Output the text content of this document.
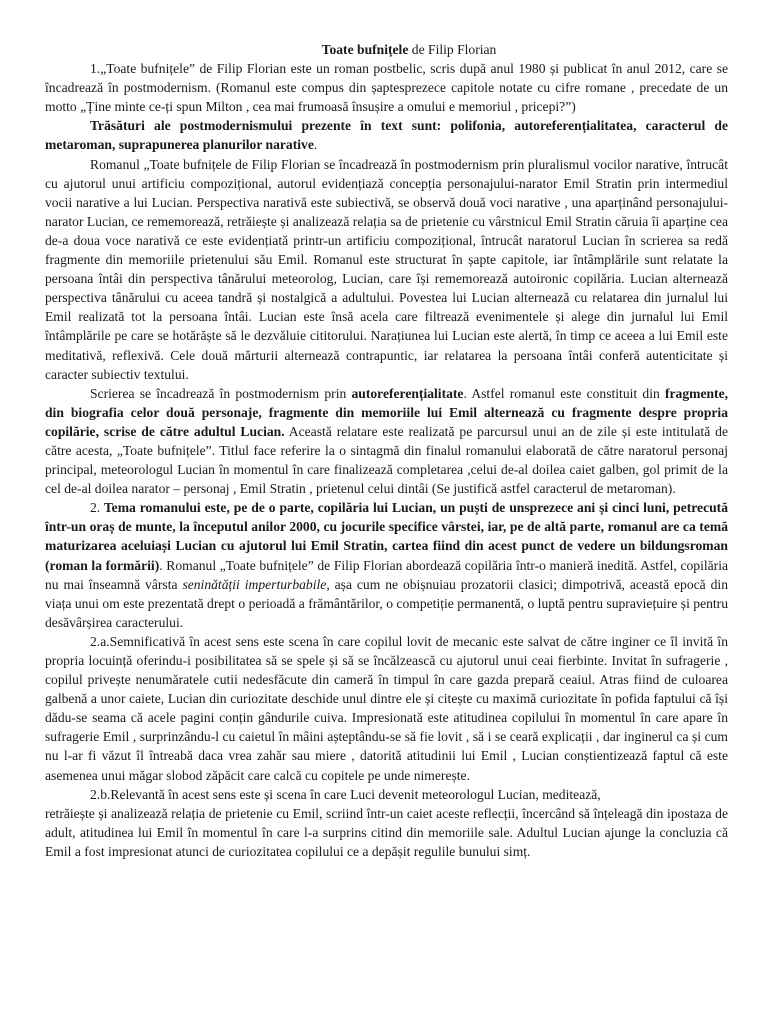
Toate bufnițele de Filip Florian

1.„Toate bufnițele” de Filip Florian este un roman postbelic, scris după anul 1980 și publicat în anul 2012, care se încadrează în postmodernism. (Romanul este compus din șaptesprezece capitole notate cu cifre romane , precedate de un motto „Ține minte ce-ți spun Milton , cea mai frumoasă însușire a omului e memoriul , pricepi?”)

Trăsături ale postmodernismului prezente în text sunt: polifonia, autoreferențialitatea, caracterul de metaroman, suprapunerea planurilor narative.

Romanul „Toate bufnițele de Filip Florian se încadrează în postmodernism prin pluralismul vocilor narative, întrucât cu ajutorul unui artificiu compozițional, autorul evidențiază concepția personajului-narator Emil Stratin prin intermediul vocii narative a lui Lucian. Perspectiva narativă este subiectivă, se observă două voci narative , una aparținând personajului-narator Lucian, ce rememorează, retrăiește și analizează relația sa de prietenie cu vârstnicul Emil Stratin căruia îi aparține cea de-a doua voce narativă ce este evidențiată printr-un artificiu compozițional, întrucât naratorul Lucian în scrierea sa redă fragmente din memoriile prietenului său Emil. Romanul este structurat în șapte capitole, iar întâmplările sunt relatate la persoana întâi din perspectiva tânărului meteorolog, Lucian, care își rememorează autoironic copilăria. Lucian alternează perspectiva tânărului cu aceea tandră și nostalgică a adultului. Povestea lui Lucian alternează cu relatarea din jurnalul lui Emil realizată tot la persoana întâi. Lucian este însă acela care filtrează evenimentele și alege din jurnalul lui Emil întâmplările pe care se hotărăște să le dezvăluie cititorului. Narațiunea lui Lucian este alertă, în timp ce aceea a lui Emil este meditativă, reflexivă. Cele două mărturii alternează contrapuntic, iar relatarea la persoana întâi conferă autenticitate și caracter subiectiv textului.

Scrierea se încadrează în postmodernism prin autoreferențialitate. Astfel romanul este constituit din fragmente, din biografia celor două personaje, fragmente din memoriile lui Emil alternează cu fragmente despre propria copilărie, scrise de către adultul Lucian. Această relatare este realizată pe parcursul unui an de zile și este intitulată de către acesta, „Toate bufnițele”. Titlul face referire la o sintagmă din finalul romanului elaborată de către naratorul personaj principal, meteorologul Lucian în momentul în care finalizează completarea ,celui de-al doilea caiet galben, gol primit de la cel de-al doilea narator – personaj , Emil Stratin , prietenul celui dintâi (Se justifică astfel caracterul de metaroman).

2. Tema romanului este, pe de o parte, copilăria lui Lucian, un puști de unsprezece ani și cinci luni, petrecută într-un oraș de munte, la începutul anilor 2000, cu jocurile specifice vârstei, iar, pe de altă parte, romanul are ca temă maturizarea aceluiași Lucian cu ajutorul lui Emil Stratin, cartea fiind din acest punct de vedere un bildungsroman (roman la formării). Romanul „Toate bufnițele” de Filip Florian abordează copilăria într-o manieră inedită. Astfel, copilăria nu mai înseamnă vârsta seninătății imperturbabile, așa cum ne obișnuiau prozatorii clasici; dimpotrivă, această epocă din viața unui om este prezentată drept o perioadă a frământărilor, o competiție permanentă, o luptă pentru supraviețuire și pentru desăvârșirea caracterului.

2.a.Semnificativă în acest sens este scena în care copilul lovit de mecanic este salvat de către inginer ce îl invită în propria locuință oferindu-i posibilitatea să se spele și să se încălzească cu ajutorul unui ceai fierbinte. Invitat în sufragerie , copilul privește nenumăratele cutii nedesfăcute din cameră în timpul în care gazda prepară ceaiul. Atras fiind de culoarea galbenă a unor caiete, Lucian din curiozitate deschide unul dintre ele și citește cu maximă curiozitate în pofida faptului că își dădu-se seama că acele pagini conțin gândurile cuiva. Impresionată este atitudinea copilului în momentul în care apare în sufragerie Emil , surprinzându-l cu caietul în mâini așteptându-se să fie lovit , să i se ceară explicații , dar inginerul ca și cum nu l-ar fi văzut îl întreabă daca vrea zahăr sau miere , datorită atitudinii lui Emil , Lucian conștientizează faptul că este asemenea unui măgar slobod zăpăcit care calcă cu copitele pe unde nimerește.

2.b.Relevantă în acest sens este și scena în care Luci devenit meteorologul Lucian, meditează,

retrăiește și analizează relația de prietenie cu Emil, scriind într-un caiet aceste reflecții, încercând să înțeleagă din ipostaza de adult, atitudinea lui Emil în momentul în care l-a surprins citind din memoriile sale. Adultul Lucian ajunge la concluzia că Emil a fost impresionat atunci de curiozitatea copilului ce a depășit regulile bunului simț.
